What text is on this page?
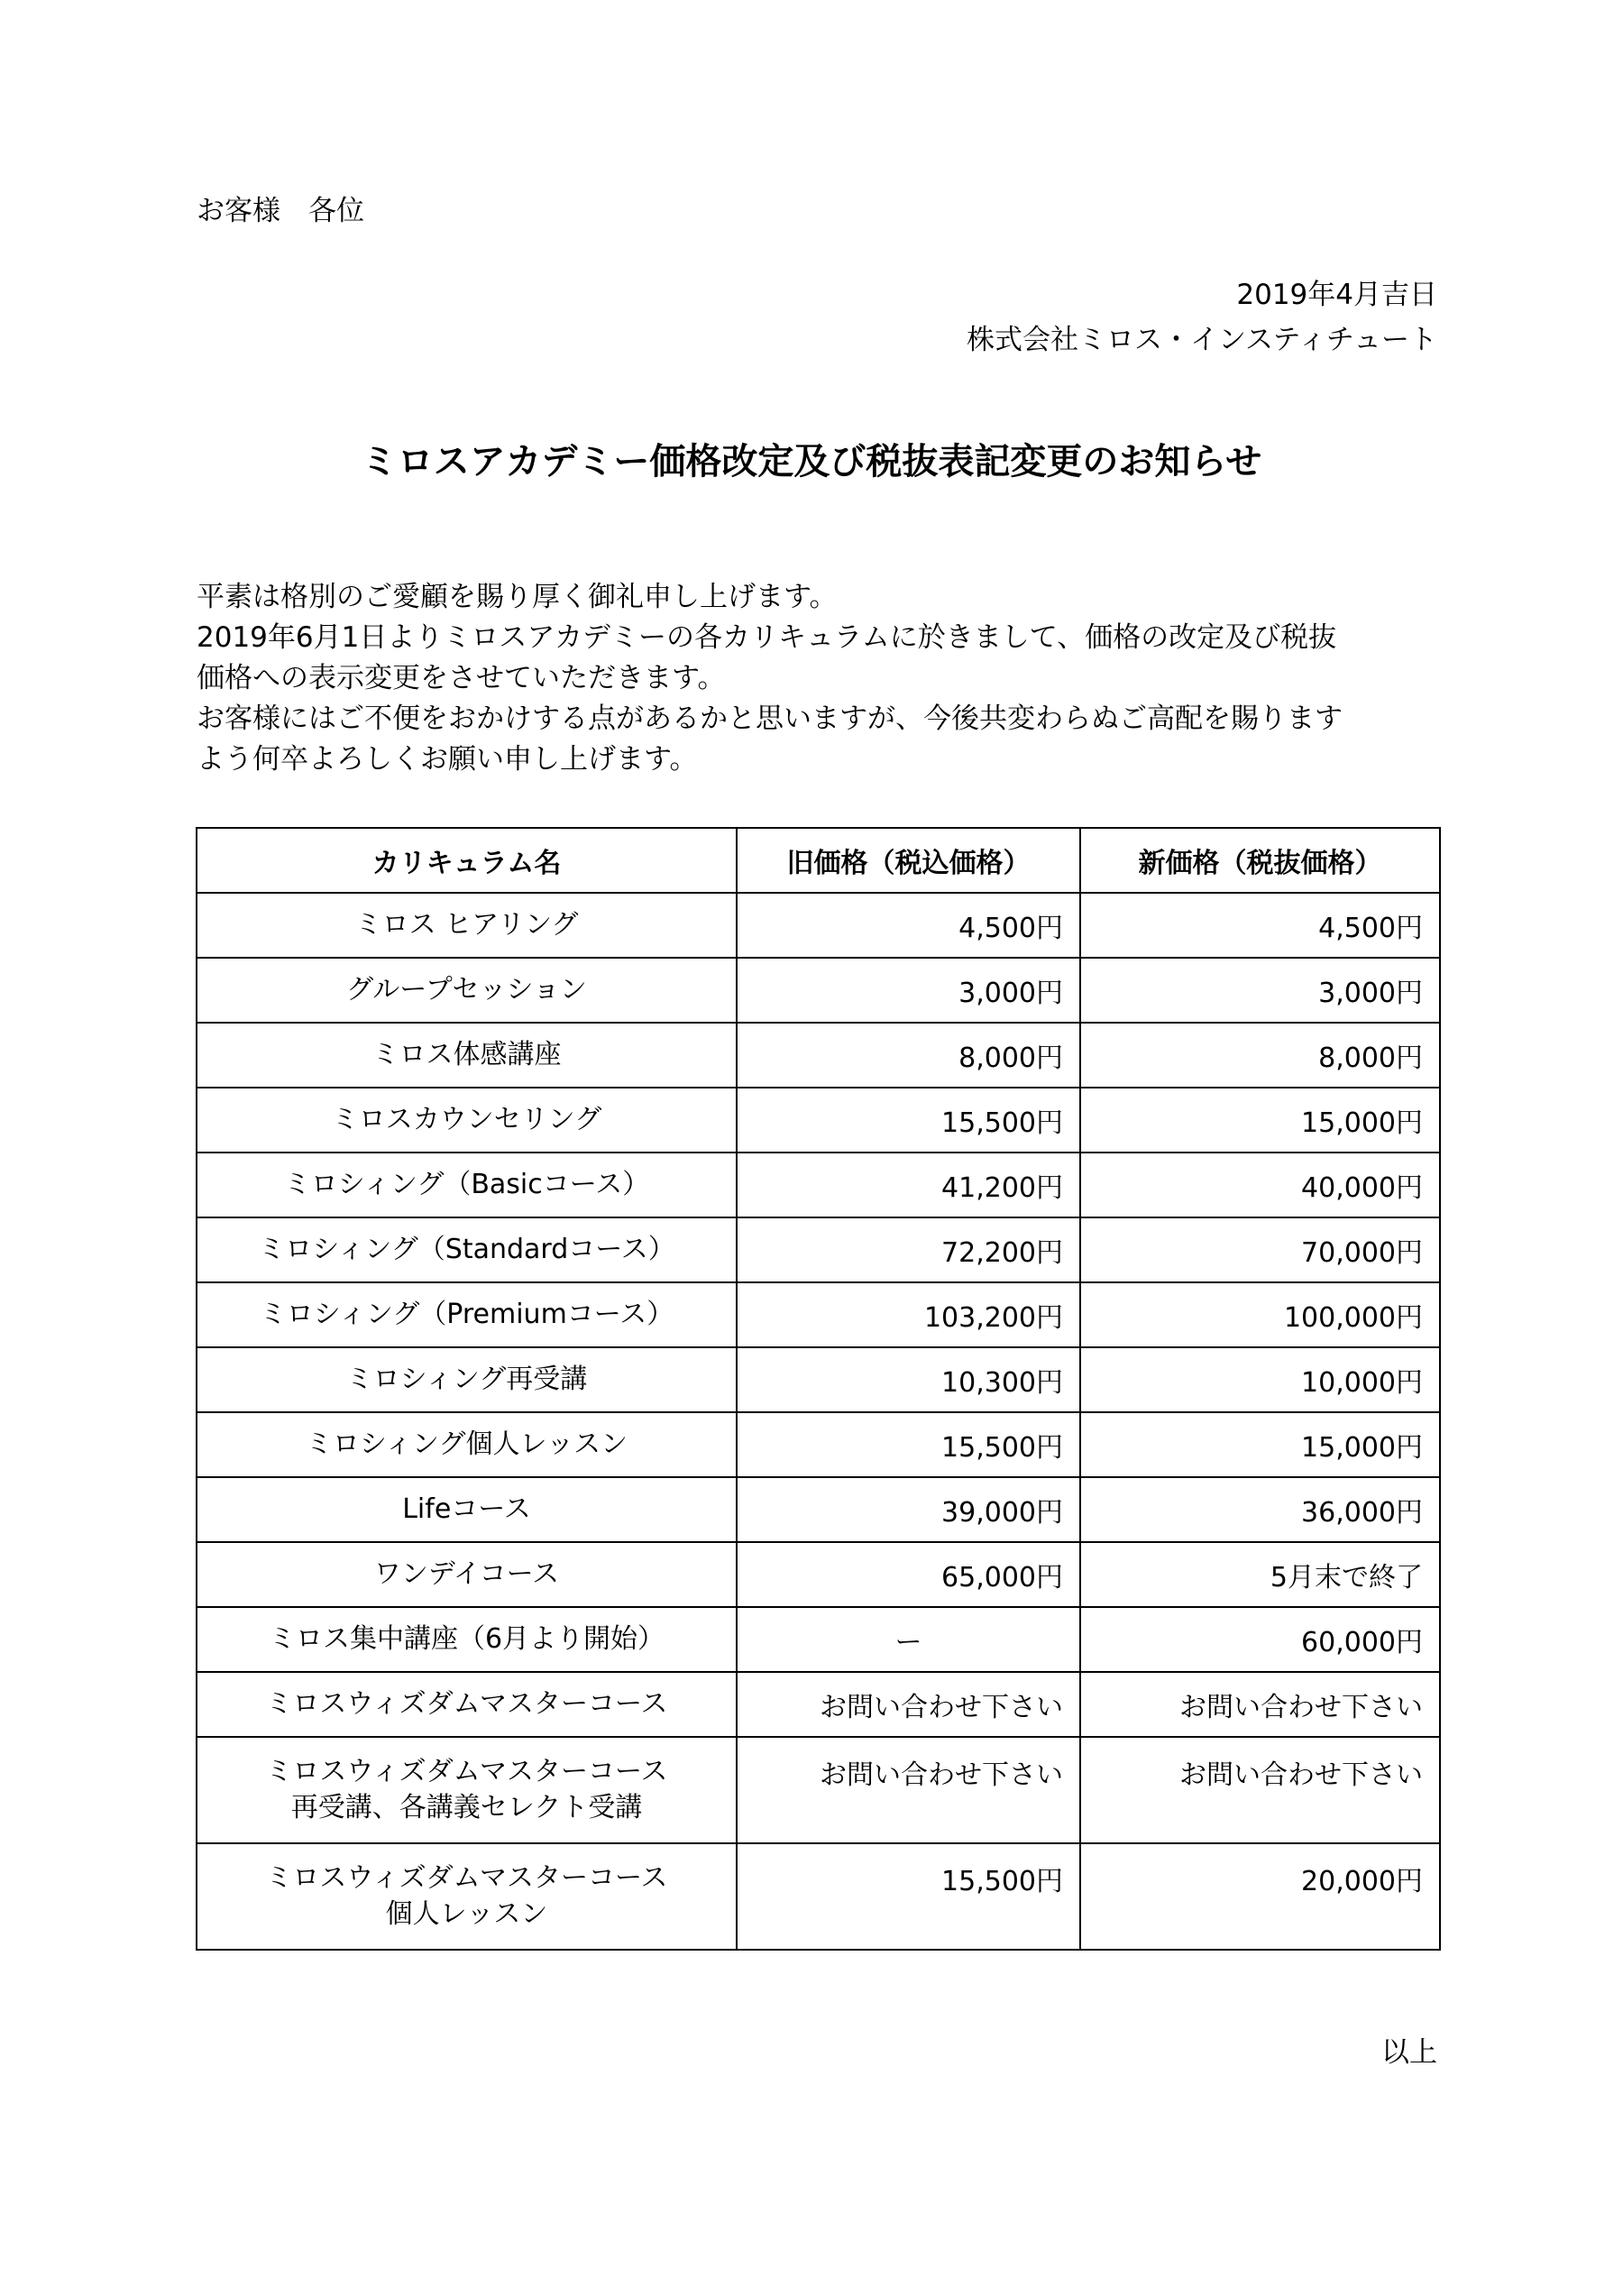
お客様　各位
2019年4月吉日
株式会社ミロス・インスティチュート
ミロスアカデミー価格改定及び税抜表記変更のお知らせ

平素は格別のご愛顧を賜り厚く御礼申し上げます。

2019年6月1日よりミロスアカデミーの各カリキュラムに於きまして、価格の改定及び税抜

価格への表示変更をさせていただきます。

お客様にはご不便をおかけする点があるかと思いますが、今後共変わらぬご高配を賜ります

よう何卒よろしくお願い申し上げます。

カリキュラム名	旧価格（税込価格）	新価格（税抜価格）
ミロス ヒアリング	4,500円	4,500円
グループセッション	3,000円	3,000円
ミロス体感講座	8,000円	8,000円
ミロスカウンセリング	15,500円	15,000円
ミロシィング（Basicコース）	41,200円	40,000円
ミロシィング（Standardコース）	72,200円	70,000円
ミロシィング（Premiumコース）	103,200円	100,000円
ミロシィング再受講	10,300円	10,000円
ミロシィング個人レッスン	15,500円	15,000円
Lifeコース	39,000円	36,000円
ワンデイコース	65,000円	5月末で終了
ミロス集中講座（6月より開始）	ー	60,000円
ミロスウィズダムマスターコース	お問い合わせ下さい	お問い合わせ下さい

ミロスウィズダムマスターコース
再受講、各講義セレクト受講	お問い合わせ下さい	お問い合わせ下さい

ミロスウィズダムマスターコース
個人レッスン	15,500円	20,000円
以上
